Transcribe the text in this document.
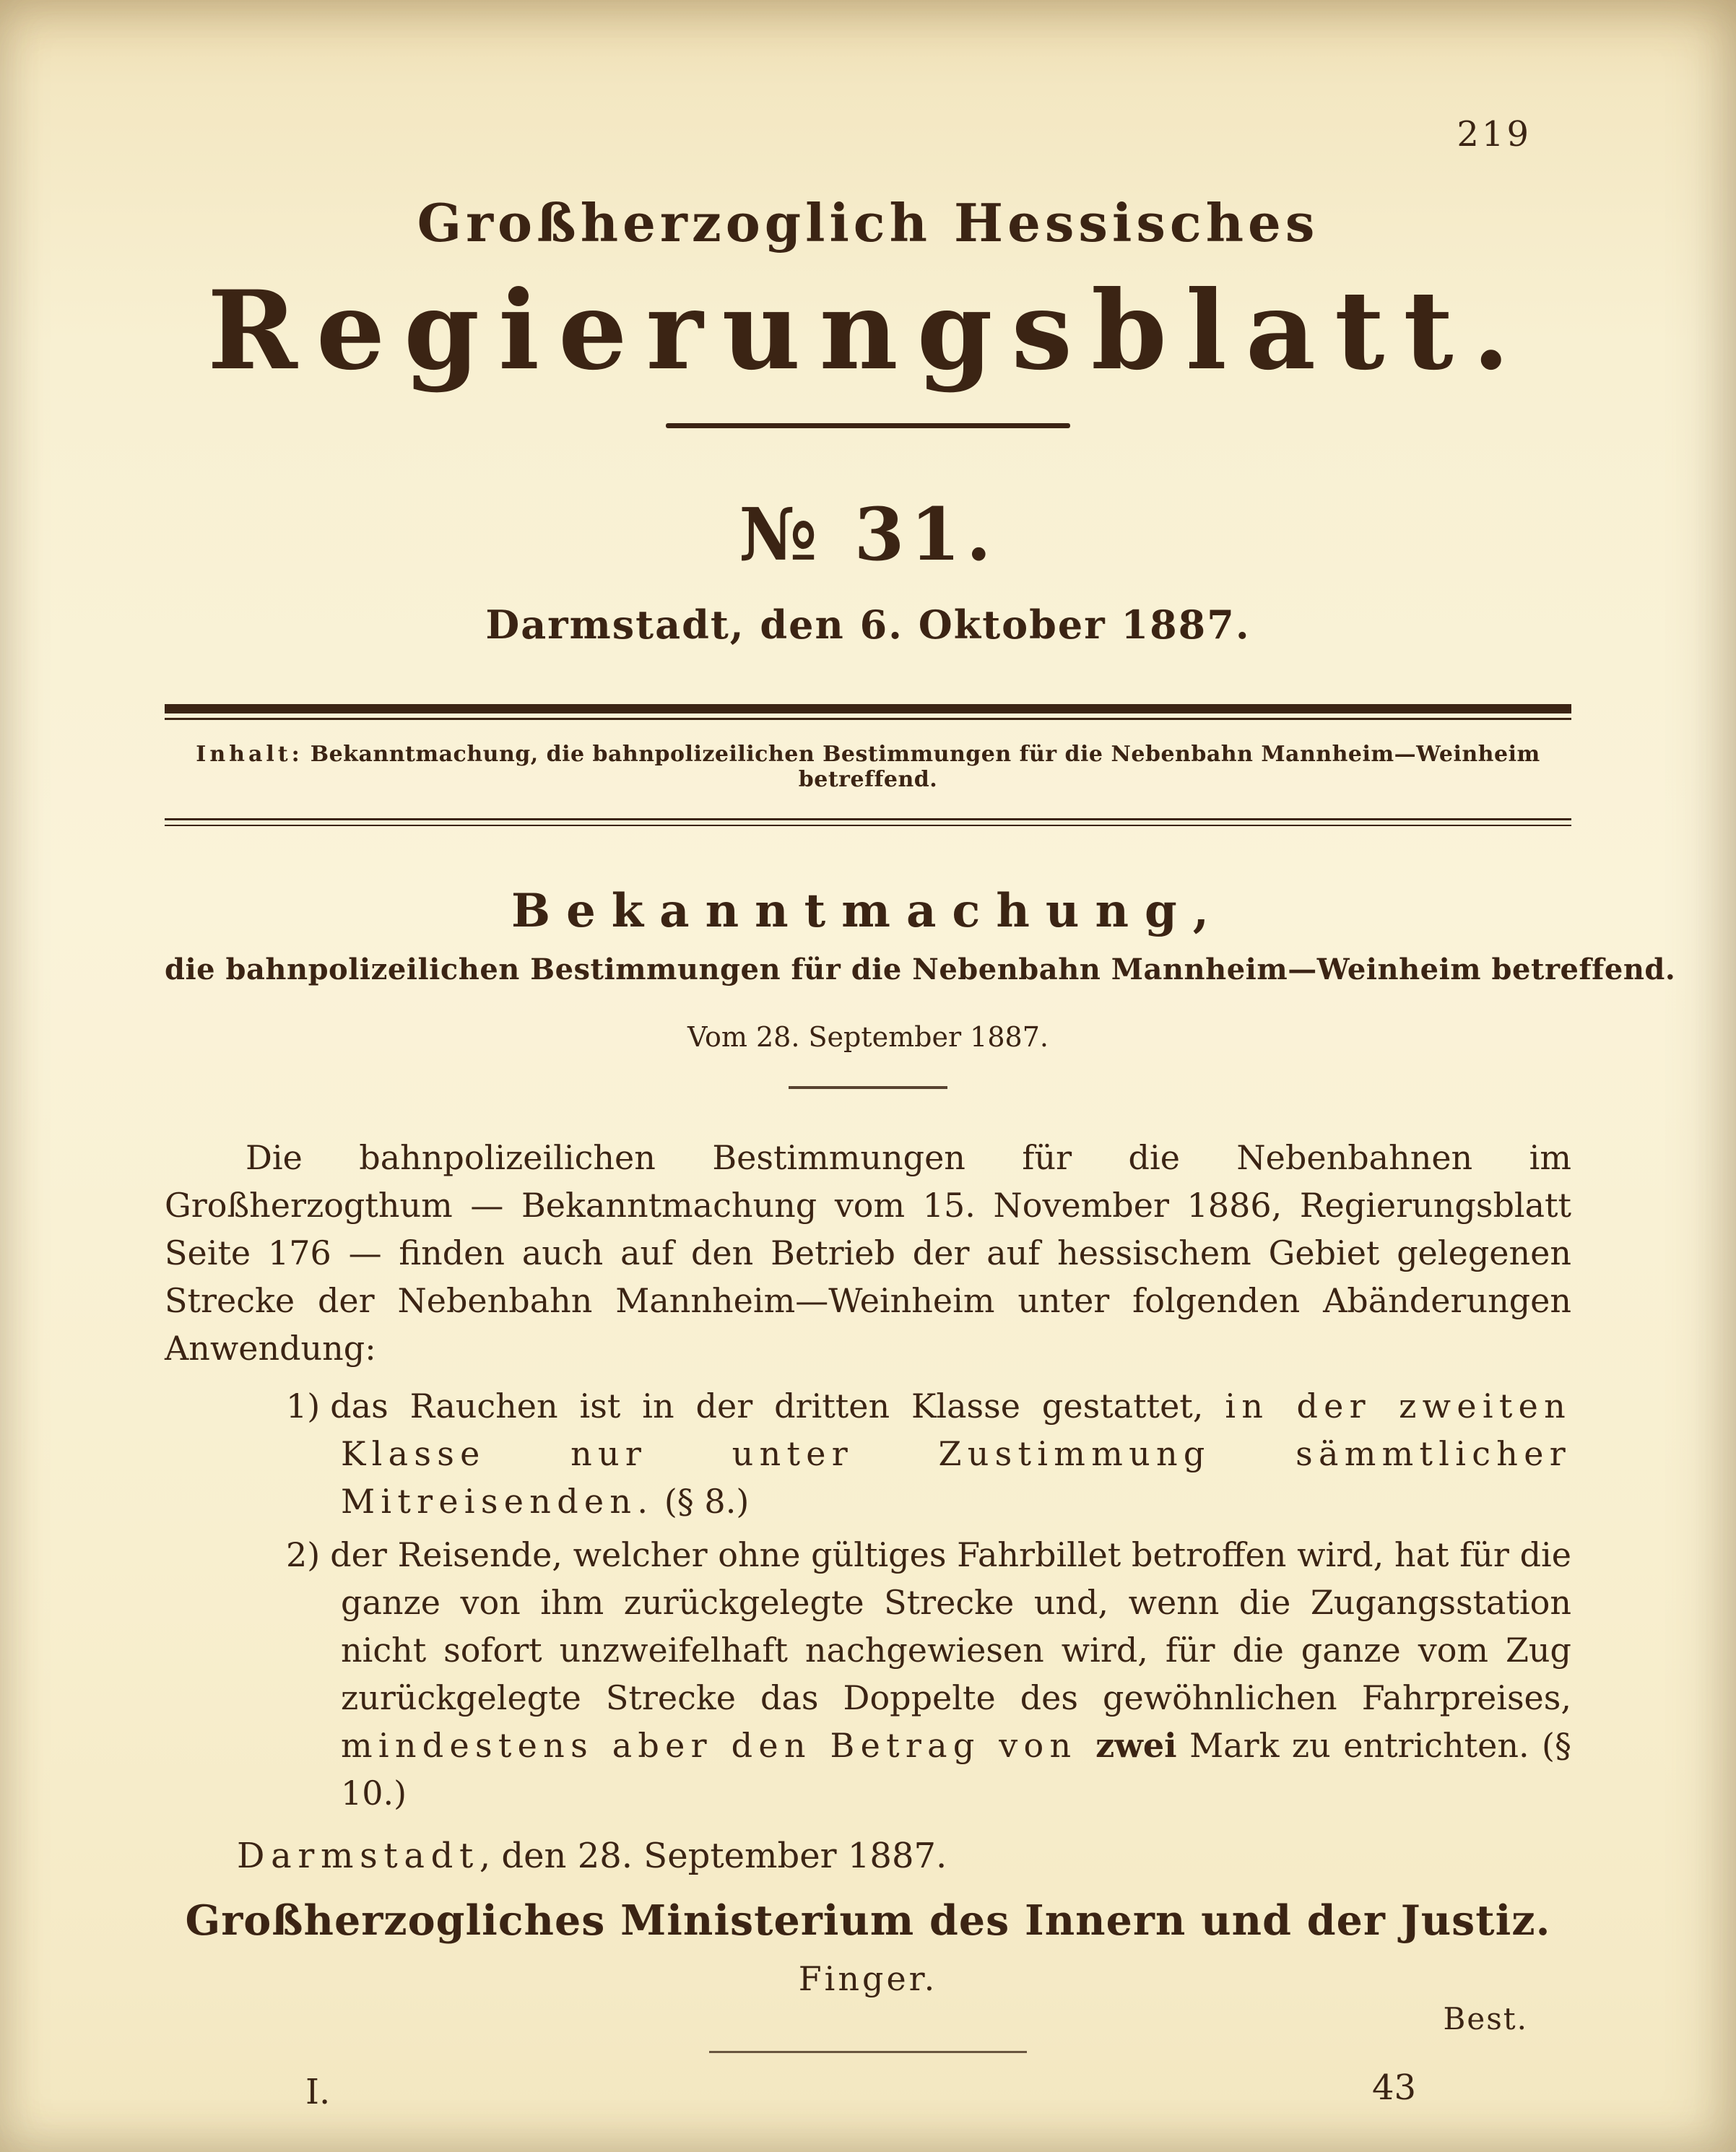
219
Großherzoglich Hessisches
Regierungsblatt.
№ 31.
Darmstadt, den 6. Oktober 1887.

Inhalt: Bekanntmachung, die bahnpolizeilichen Bestimmungen für die Nebenbahn Mannheim—Weinheim betreffend.

Bekanntmachung,
die bahnpolizeilichen Bestimmungen für die Nebenbahn Mannheim—Weinheim betreffend.
Vom 28. September 1887.

Die bahnpolizeilichen Bestimmungen für die Nebenbahnen im Großherzogthum — Bekanntmachung vom 15. November 1886, Regierungsblatt Seite 176 — finden auch auf den Betrieb der auf hessischem Gebiet gelegenen Strecke der Nebenbahn Mannheim—Weinheim unter folgenden Abänderungen Anwendung:

1) das Rauchen ist in der dritten Klasse gestattet, in der zweiten Klasse nur unter Zustimmung sämmtlicher Mitreisenden. (§ 8.)
2) der Reisende, welcher ohne gültiges Fahrbillet betroffen wird, hat für die ganze von ihm zurückgelegte Strecke und, wenn die Zugangsstation nicht sofort unzweifelhaft nachgewiesen wird, für die ganze vom Zug zurückgelegte Strecke das Doppelte des gewöhnlichen Fahrpreises, mindestens aber den Betrag von zwei Mark zu entrichten. (§ 10.)

Darmstadt, den 28. September 1887.

Großherzogliches Ministerium des Innern und der Justiz.
Finger.
Best.
I.	43
